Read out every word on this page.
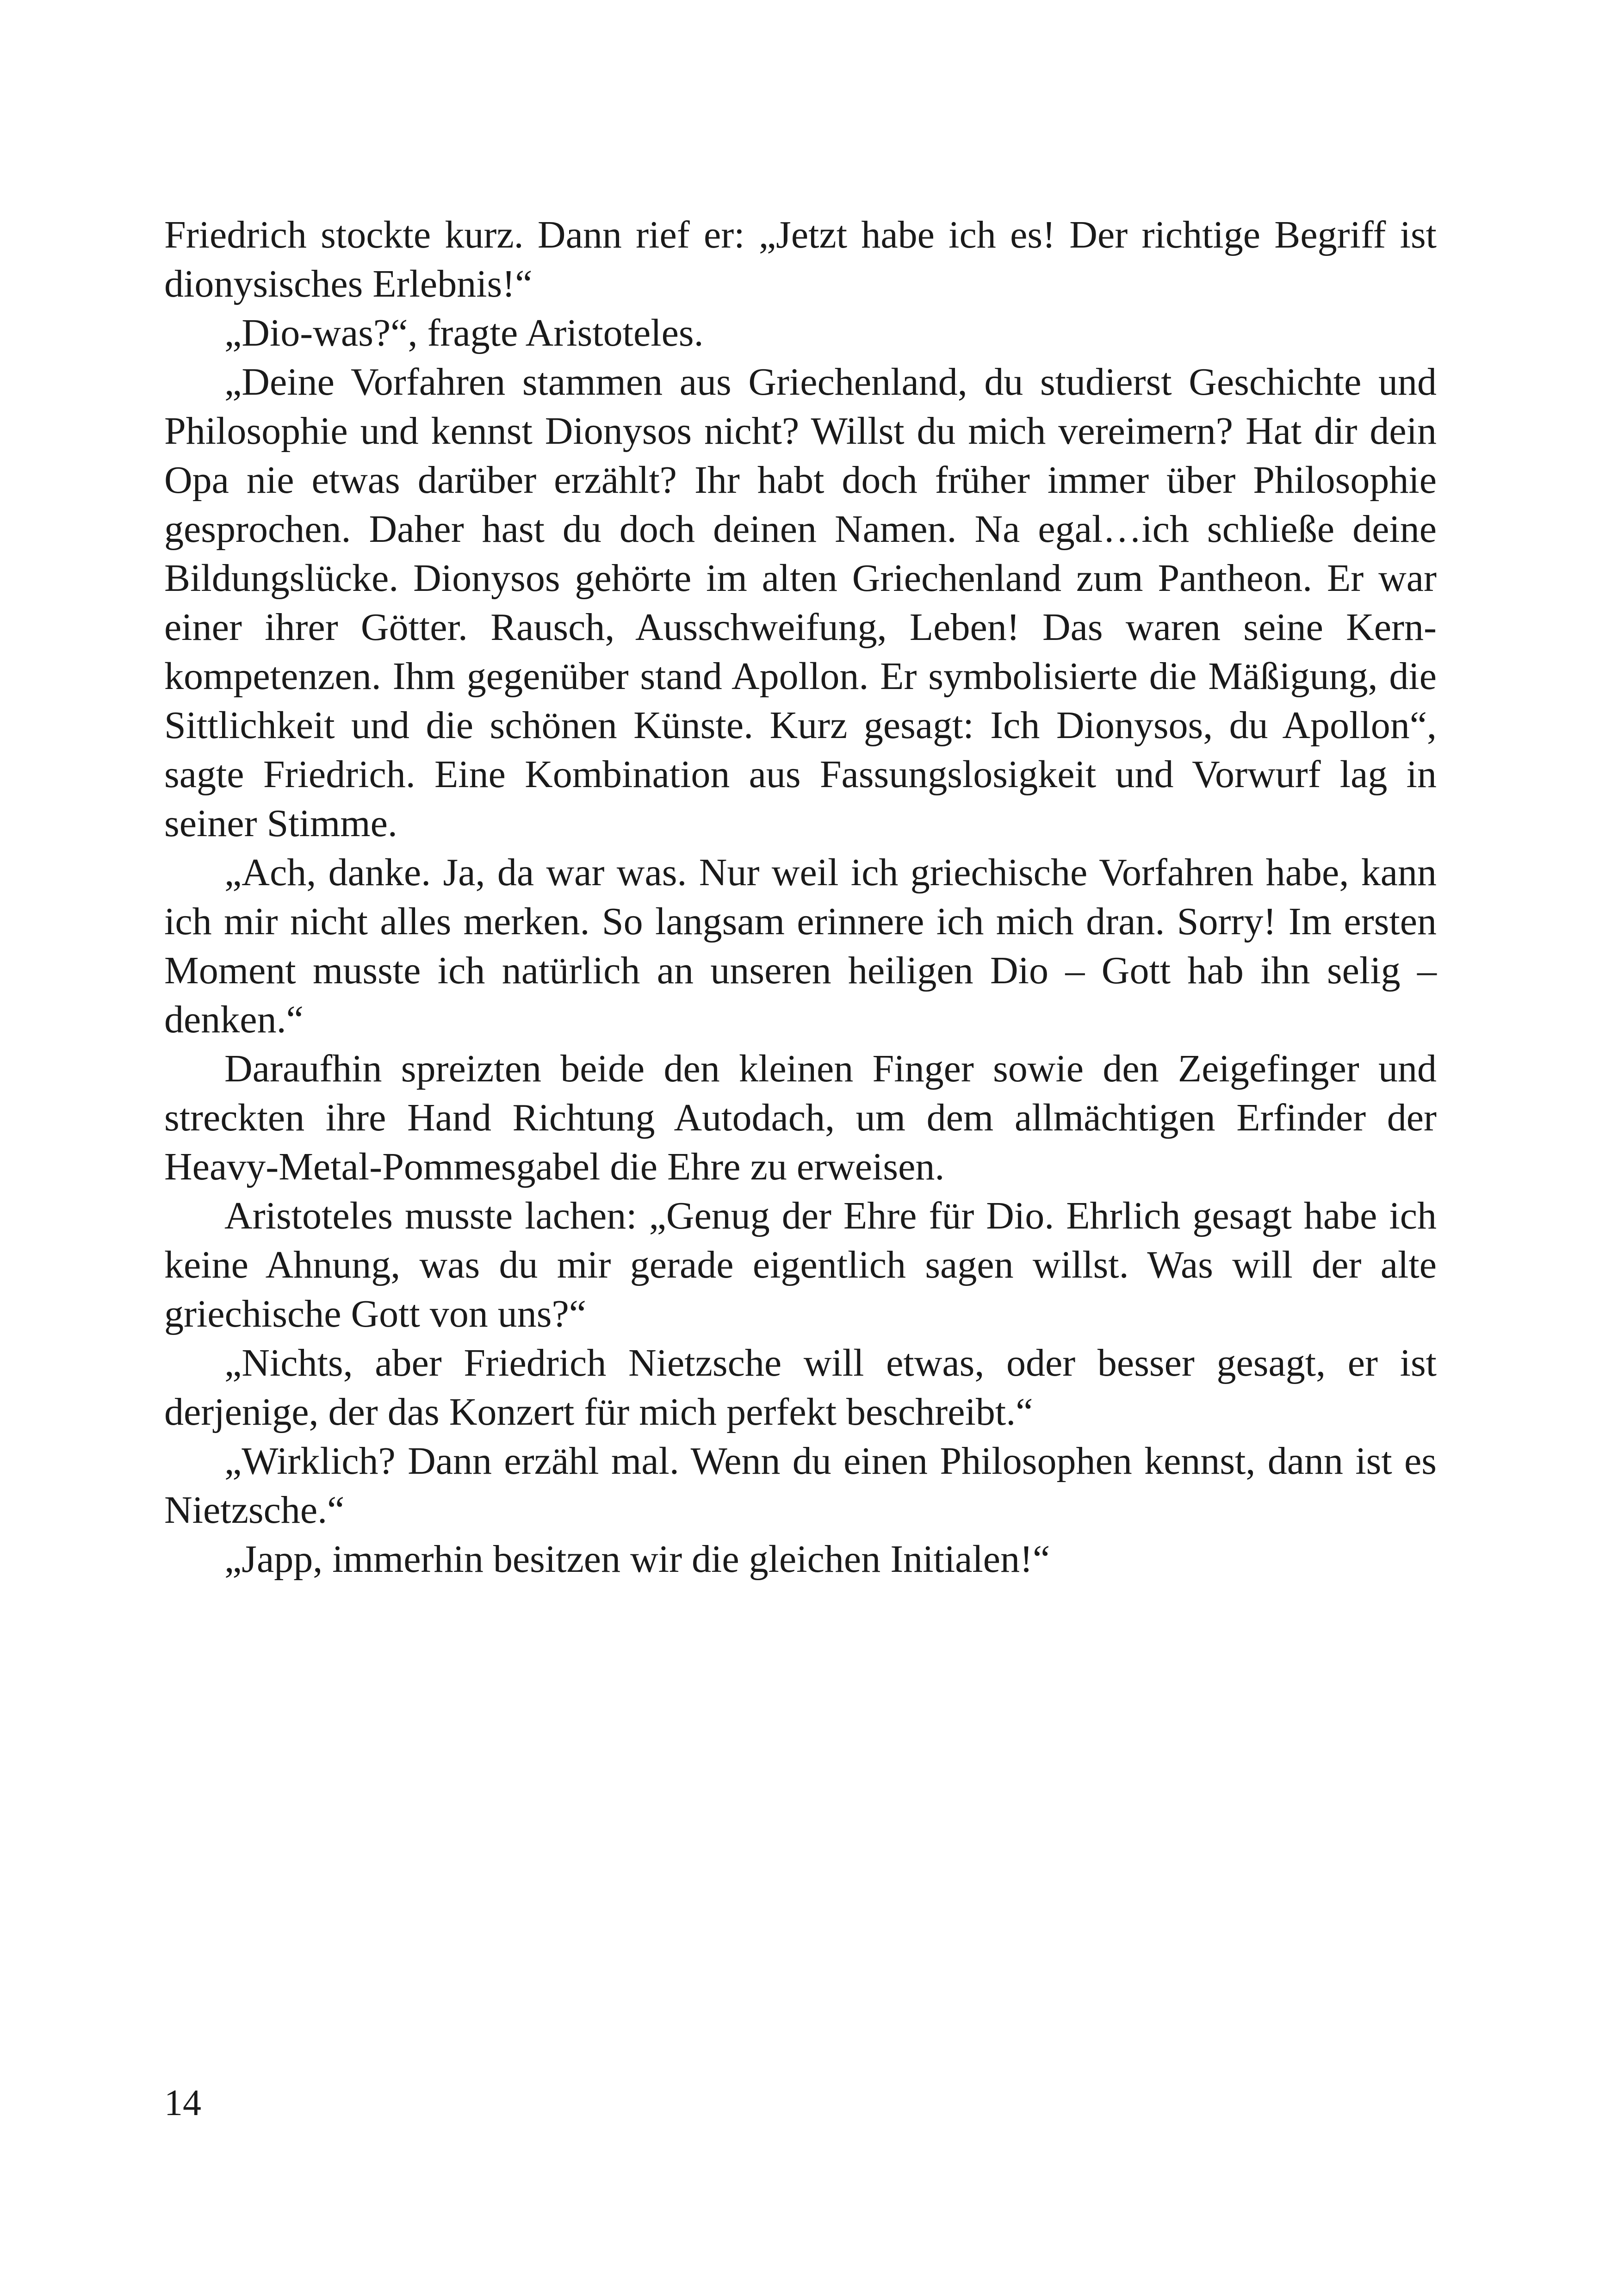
Friedrich stockte kurz. Dann rief er: „Jetzt habe ich es! Der richtige Begriff ist dionysisches Erlebnis!“

„Dio-was?“, fragte Aristoteles.

„Deine Vorfahren stammen aus Griechenland, du studierst Geschichte und Philosophie und kennst Dionysos nicht? Willst du mich vereimern? Hat dir dein Opa nie etwas darüber erzählt? Ihr habt doch früher immer über Philosophie gesprochen. Daher hast du doch deinen Namen. Na egal…ich schließe deine Bildungslücke. Dionysos gehörte im alten Griechenland zum Pantheon. Er war einer ihrer Götter. Rausch, Ausschweifung, Leben! Das waren seine Kernkompetenzen. Ihm gegenüber stand Apollon. Er symbolisierte die Mäßigung, die Sittlichkeit und die schönen Künste. Kurz gesagt: Ich Dionysos, du Apollon“, sagte Friedrich. Eine Kombination aus Fassungslosigkeit und Vorwurf lag in seiner Stimme.

„Ach, danke. Ja, da war was. Nur weil ich griechische Vorfahren habe, kann ich mir nicht alles merken. So langsam erinnere ich mich dran. Sorry! Im ersten Moment musste ich natürlich an unseren heiligen Dio – Gott hab ihn selig – denken.“

Daraufhin spreizten beide den kleinen Finger sowie den Zeigefinger und streckten ihre Hand Richtung Autodach, um dem allmächtigen Erfinder der Heavy-Metal-Pommesgabel die Ehre zu erweisen.

Aristoteles musste lachen: „Genug der Ehre für Dio. Ehrlich gesagt habe ich keine Ahnung, was du mir gerade eigentlich sagen willst. Was will der alte griechische Gott von uns?“

„Nichts, aber Friedrich Nietzsche will etwas, oder besser gesagt, er ist derjenige, der das Konzert für mich perfekt beschreibt.“

„Wirklich? Dann erzähl mal. Wenn du einen Philosophen kennst, dann ist es Nietzsche.“

„Japp, immerhin besitzen wir die gleichen Initialen!“

14
